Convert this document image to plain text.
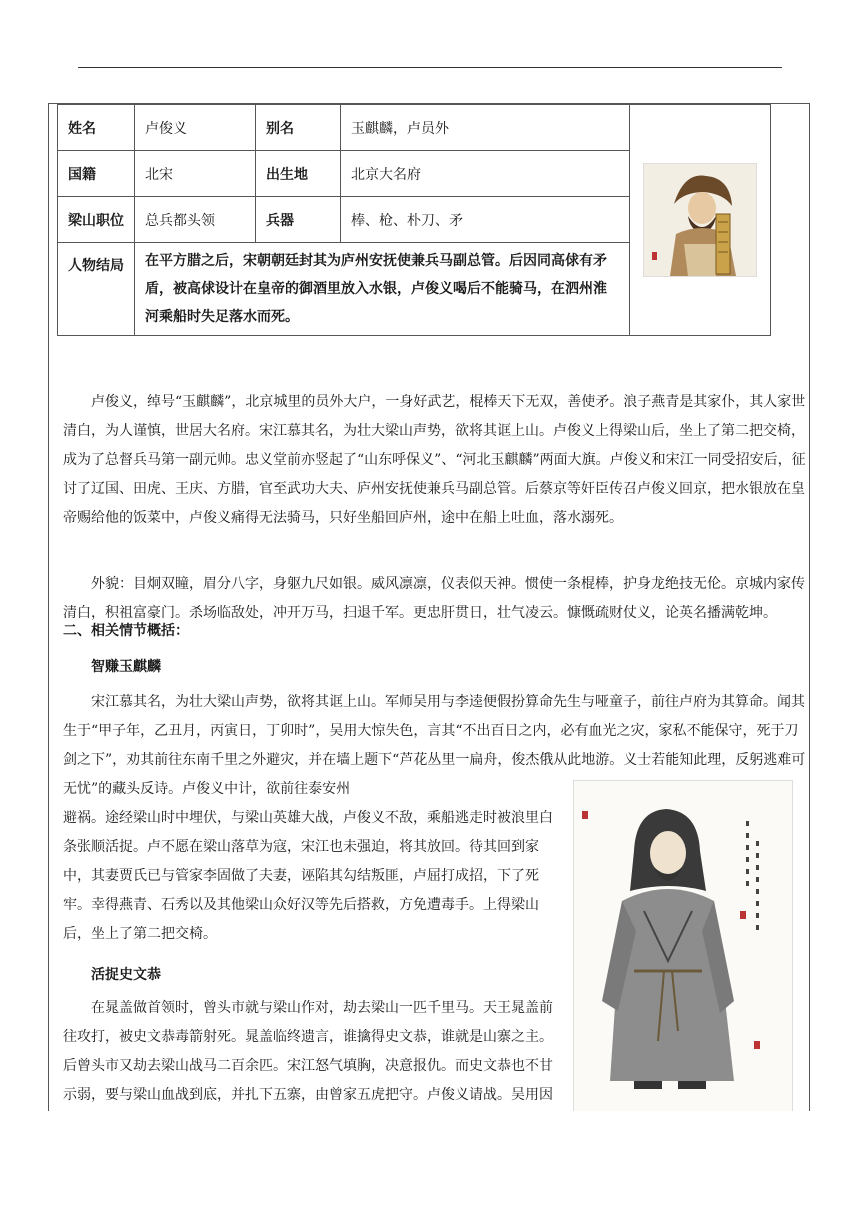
姓名	卢俊义	别名	玉麒麟，卢员外	

国籍	北宋	出生地	北京大名府	
梁山职位	总兵都头领	兵器	棒、枪、朴刀、矛	
人物结局	在平方腊之后，宋朝朝廷封其为庐州安抚使兼兵马副总管。后因同高俅有矛盾，被高俅设计在皇帝的御酒里放入水银，卢俊义喝后不能骑马，在泗州淮河乘船时失足落水而死。			

卢俊义，绰号“玉麒麟”，北京城里的员外大户，一身好武艺，棍棒天下无双，善使矛。浪子燕青是其家仆，其人家世清白，为人谨慎，世居大名府。宋江慕其名，为壮大梁山声势，欲将其诓上山。卢俊义上得梁山后，坐上了第二把交椅，成为了总督兵马第一副元帅。忠义堂前亦竖起了“山东呼保义”、“河北玉麒麟”两面大旗。卢俊义和宋江一同受招安后，征讨了辽国、田虎、王庆、方腊，官至武功大夫、庐州安抚使兼兵马副总管。后蔡京等奸臣传召卢俊义回京，把水银放在皇帝赐给他的饭菜中，卢俊义痛得无法骑马，只好坐船回庐州，途中在船上吐血，落水溺死。

外貌：目炯双瞳，眉分八字，身躯九尺如银。威风凛凛，仪表似天神。惯使一条棍棒，护身龙绝技无伦。京城内家传清白，积祖富豪门。杀场临敌处，冲开万马，扫退千军。更忠肝贯日，壮气凌云。慷慨疏财仗义，论英名播满乾坤。

二、相关情节概括：

智赚玉麒麟

宋江慕其名，为壮大梁山声势，欲将其诓上山。军师吴用与李逵便假扮算命先生与哑童子，前往卢府为其算命。闻其生于“甲子年，乙丑月，丙寅日，丁卯时”，吴用大惊失色，言其“不出百日之内，必有血光之灾，家私不能保守，死于刀剑之下”，劝其前往东南千里之外避灾，并在墙上题下“芦花丛里一扁舟，俊杰俄从此地游。义士若能知此理，反躬逃难可无忧”的藏头反诗。卢俊义中计，欲前往泰安州

避祸。途经梁山时中埋伏，与梁山英雄大战，卢俊义不敌，乘船逃走时被浪里白条张顺活捉。卢不愿在梁山落草为寇，宋江也未强迫，将其放回。待其回到家中，其妻贾氏已与管家李固做了夫妻，诬陷其勾结叛匪，卢屈打成招，下了死牢。幸得燕青、石秀以及其他梁山众好汉等先后搭救，方免遭毒手。上得梁山后，坐上了第二把交椅。

活捉史文恭

在晁盖做首领时，曾头市就与梁山作对，劫去梁山一匹千里马。天王晁盖前往攻打，被史文恭毒箭射死。晁盖临终遗言，谁擒得史文恭，谁就是山寨之主。后曾头市又劫去梁山战马二百余匹。宋江怒气填胸，决意报仇。而史文恭也不甘示弱，要与梁山血战到底，并扎下五寨，由曾家五虎把守。卢俊义请战。吴用因
